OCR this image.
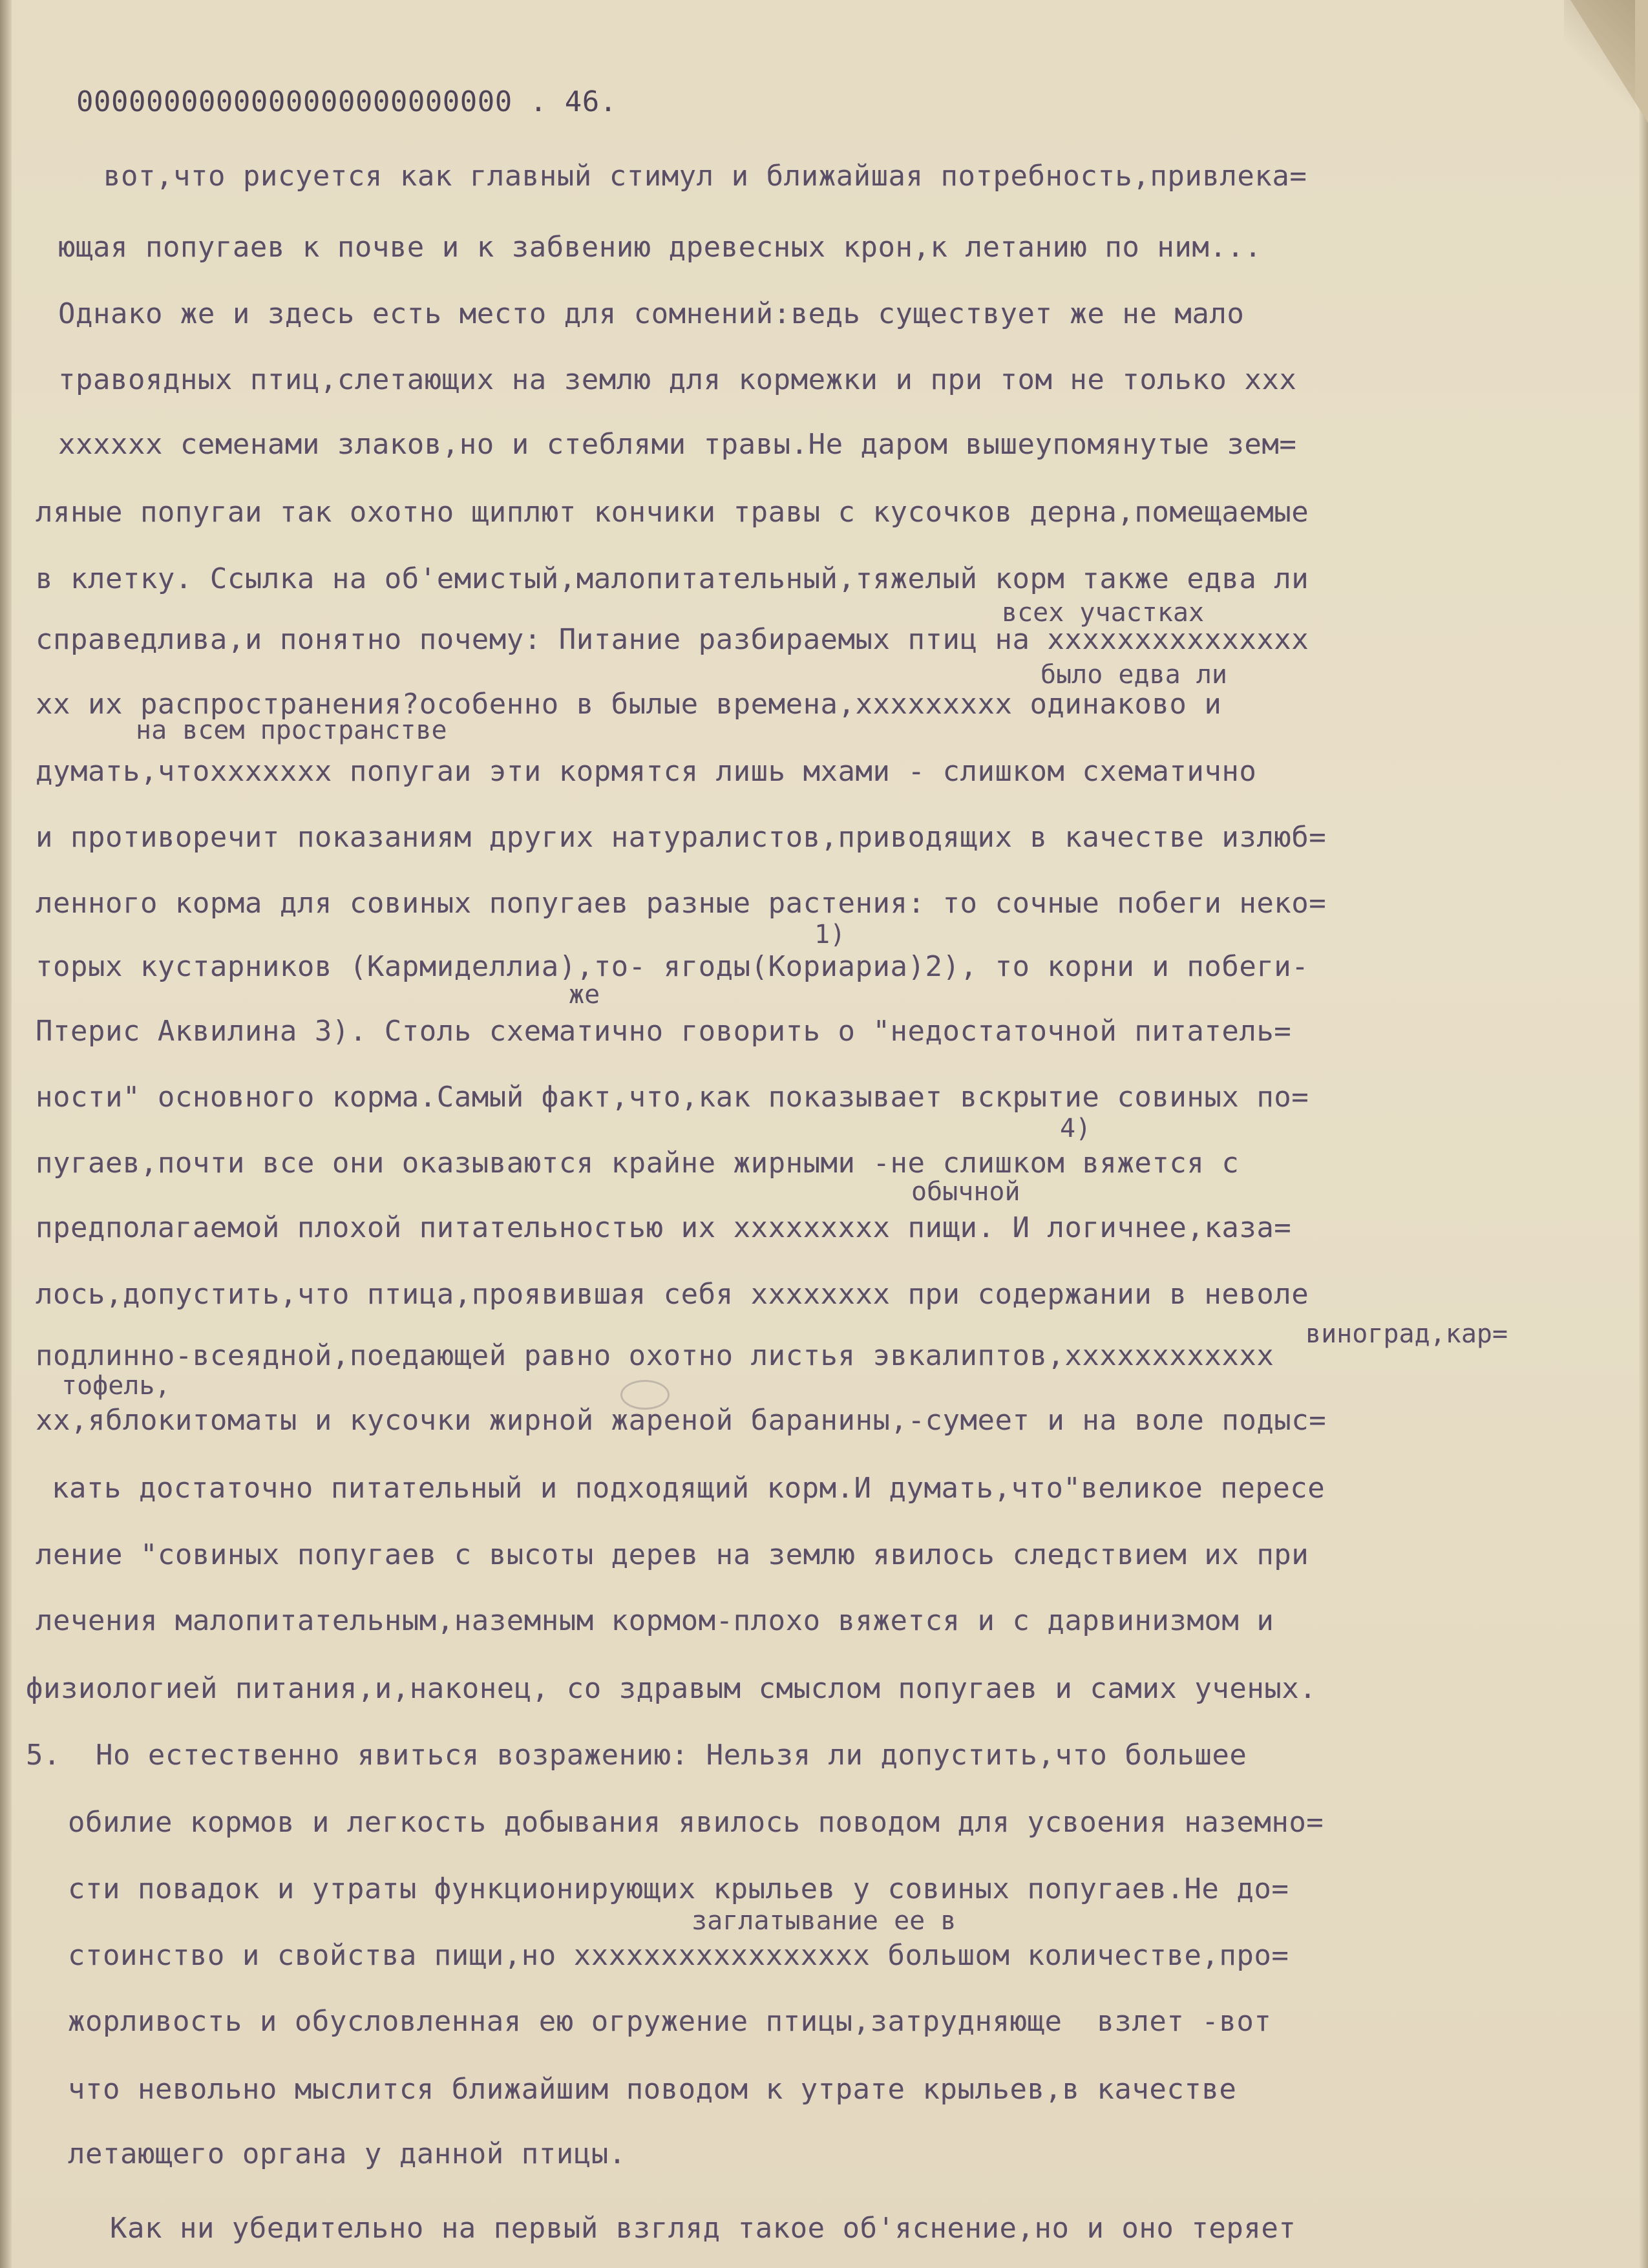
0000000000000000000000000 . 46.

вот,что рисуется как главный стимул и ближайшая потребность,привлека=

ющая попугаев к почве и к забвению древесных крон,к летанию по ним...

Однако же и здесь есть место для сомнений:ведь существует же не мало

травоядных птиц,слетающих на землю для кормежки и при том не только ххх

хххххх семенами злаков,но и стеблями травы.Не даром вышеупомянутые зем=

ляные попугаи так охотно щиплют кончики травы с кусочков дерна,помещаемые

в клетку. Ссылка на об'емистый,малопитательный,тяжелый корм также едва ли

всех участках

справедлива,и понятно почему: Питание разбираемых птиц на ххххххххххххххх

было едва ли

хх их распространения?особенно в былые времена,ххххххххх одинаково и

на всем пространстве

думать,чтоххххххх попугаи эти кормятся лишь мхами - слишком схематично

и противоречит показаниям других натуралистов,приводящих в качестве излюб=

ленного корма для совиных попугаев разные растения: то сочные побеги неко=

1)

торых кустарников (Кармиделлиа),то- ягоды(Кориариа)2), то корни и побеги-

же

Птерис Аквилина 3). Столь схематично говорить о "недостаточной питатель=

ности" основного корма.Самый факт,что,как показывает вскрытие совиных по=

4)

пугаев,почти все они оказываются крайне жирными -не слишком вяжется с

обычной

предполагаемой плохой питательностью их ххххххххх пищи. И логичнее,каза=

лось,допустить,что птица,проявившая себя хххххххх при содержании в неволе

виноград,кар=

подлинно-всеядной,поедающей равно охотно листья эвкалиптов,хххххххххххх

тофель,

хх,яблокитоматы и кусочки жирной жареной баранины,-сумеет и на воле подыс=

кать достаточно питательный и подходящий корм.И думать,что"великое пересе

ление "совиных попугаев с высоты дерев на землю явилось следствием их при

лечения малопитательным,наземным кормом-плохо вяжется и с дарвинизмом и

физиологией питания,и,наконец, со здравым смыслом попугаев и самих ученых.

5.  Но естественно явиться возражению: Нельзя ли допустить,что большее

обилие кормов и легкость добывания явилось поводом для усвоения наземно=

сти повадок и утраты функционирующих крыльев у совиных попугаев.Не до=

заглатывание ее в

стоинство и свойства пищи,но ххххххххххххххххх большом количестве,про=

жорливость и обусловленная ею огружение птицы,затрудняюще  взлет -вот

что невольно мыслится ближайшим поводом к утрате крыльев,в качестве

летающего органа у данной птицы.

Как ни убедительно на первый взгляд такое об'яснение,но и оно теряет
